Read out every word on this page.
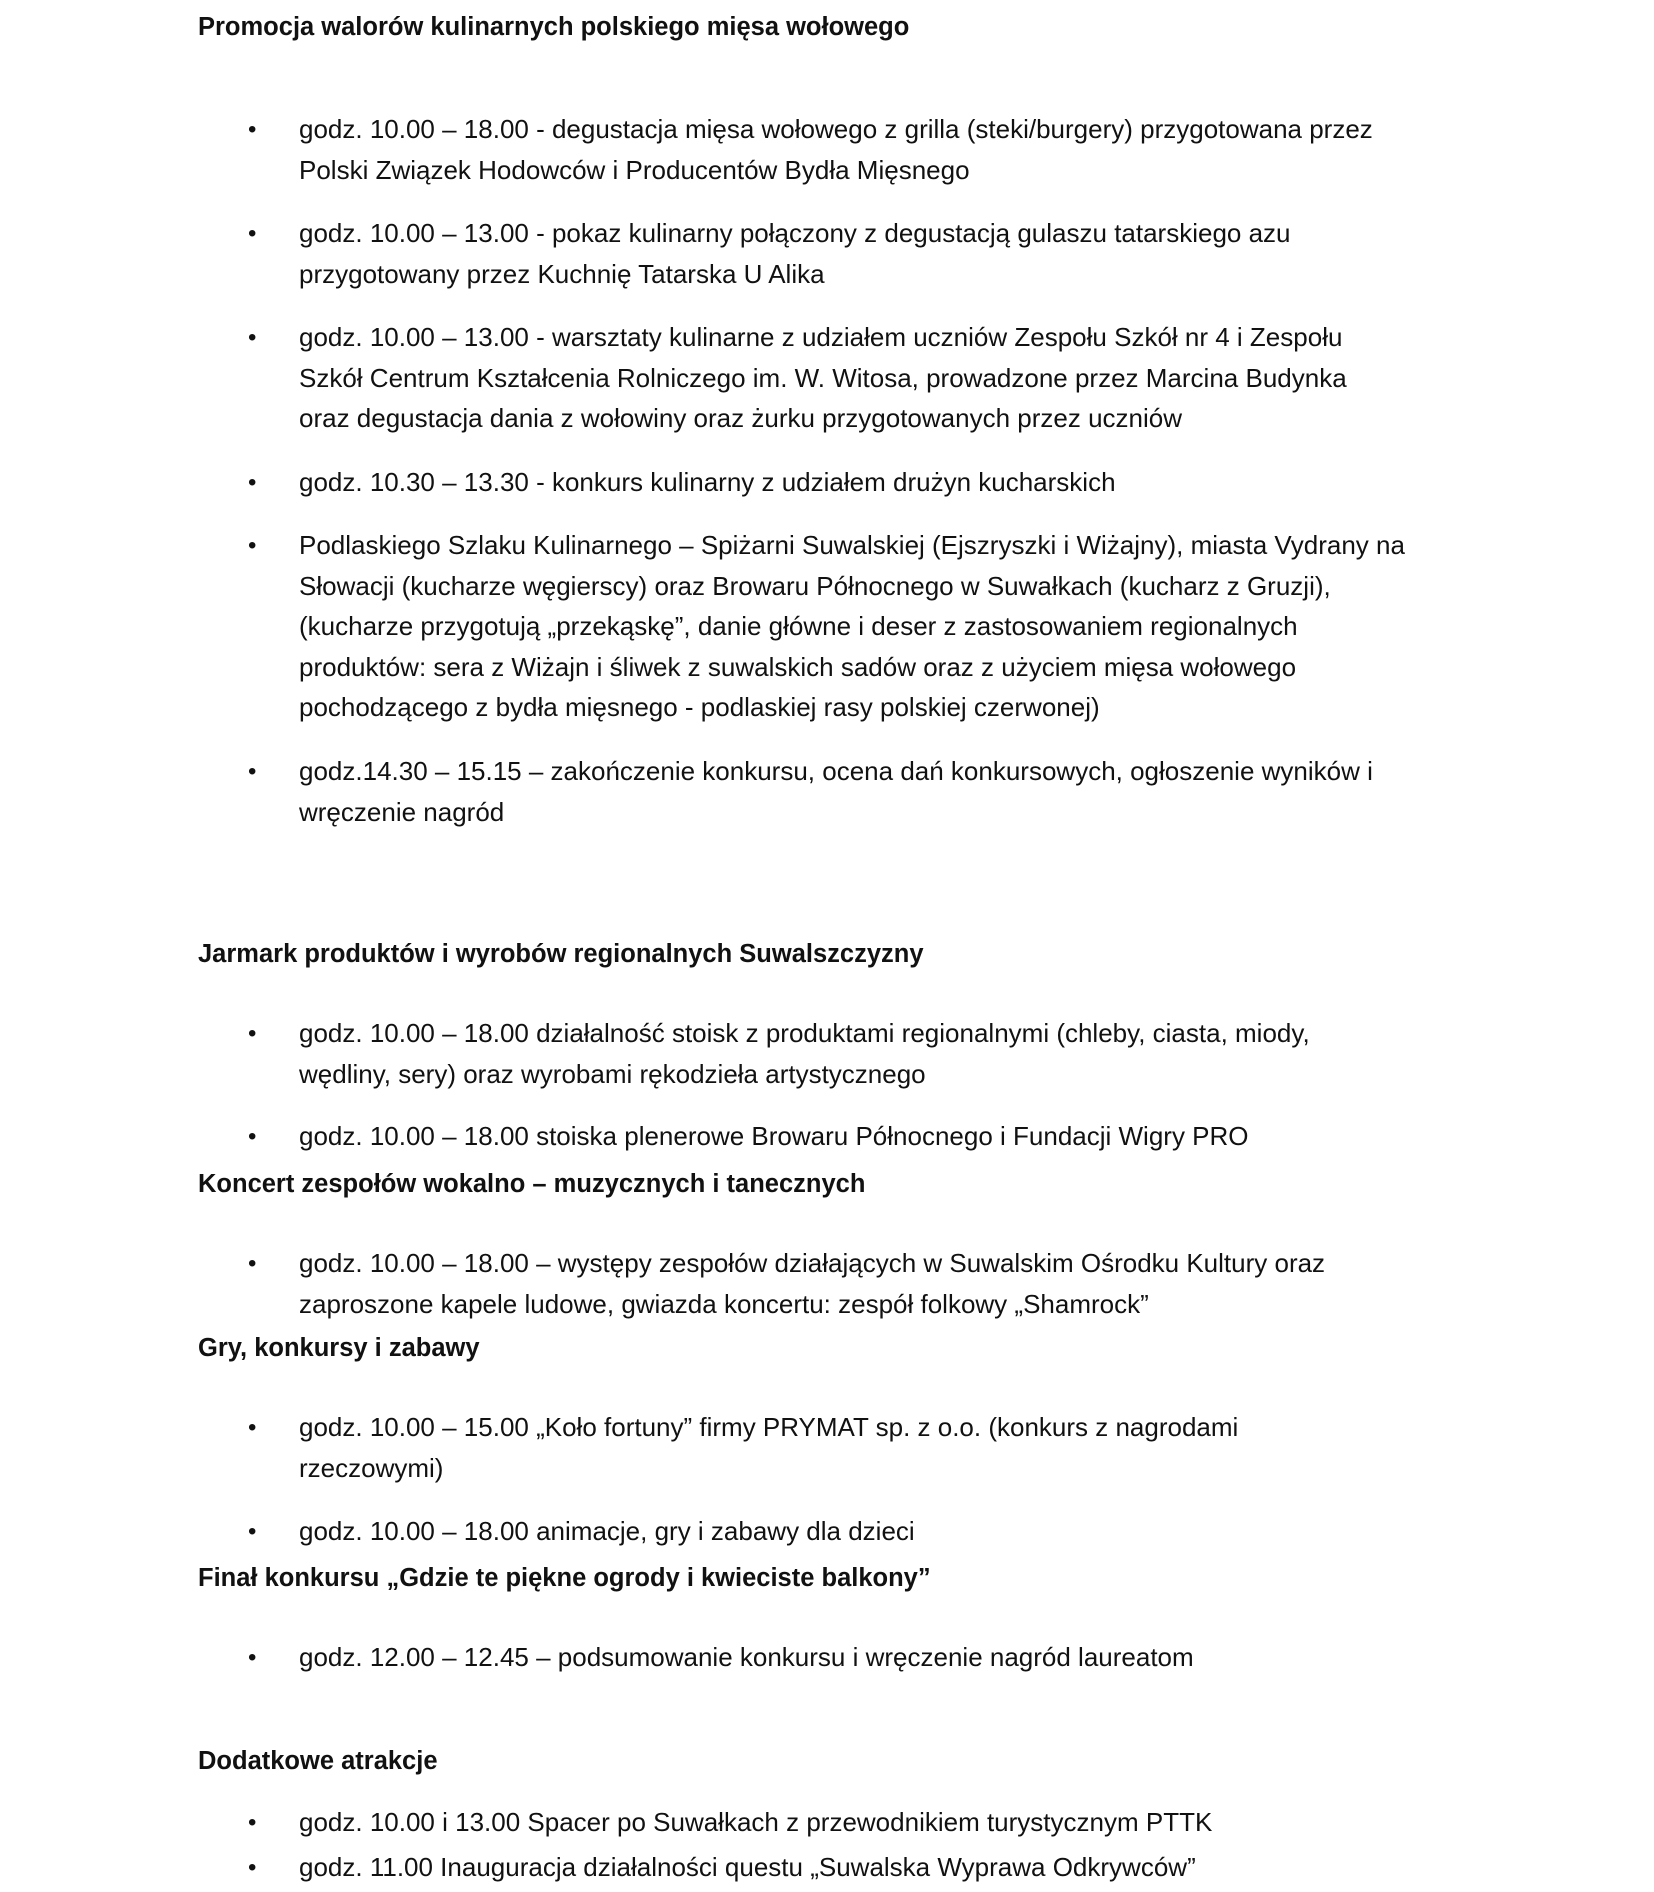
Promocja walorów kulinarnych polskiego mięsa wołowego
• godz. 10.00 – 18.00 - degustacja mięsa wołowego z grilla (steki/burgery) przygotowana przez
Polski Związek Hodowców i Producentów Bydła Mięsnego
• godz. 10.00 – 13.00 - pokaz kulinarny połączony z degustacją gulaszu tatarskiego azu
przygotowany przez Kuchnię Tatarska U Alika
• godz. 10.00 – 13.00 - warsztaty kulinarne z udziałem uczniów Zespołu Szkół nr 4 i Zespołu
Szkół Centrum Kształcenia Rolniczego im. W. Witosa, prowadzone przez Marcina Budynka
oraz degustacja dania z wołowiny oraz żurku przygotowanych przez uczniów
• godz. 10.30 – 13.30 - konkurs kulinarny z udziałem drużyn kucharskich
• Podlaskiego Szlaku Kulinarnego – Spiżarni Suwalskiej (Ejszryszki i Wiżajny), miasta Vydrany na
Słowacji (kucharze węgierscy) oraz Browaru Północnego w Suwałkach (kucharz z Gruzji),
(kucharze przygotują „przekąskę”, danie główne i deser z zastosowaniem regionalnych
produktów: sera z Wiżajn i śliwek z suwalskich sadów oraz z użyciem mięsa wołowego
pochodzącego z bydła mięsnego - podlaskiej rasy polskiej czerwonej)
• godz.14.30 – 15.15 – zakończenie konkursu, ocena dań konkursowych, ogłoszenie wyników i
wręczenie nagród
Jarmark produktów i wyrobów regionalnych Suwalszczyzny
• godz. 10.00 – 18.00 działalność stoisk z produktami regionalnymi (chleby, ciasta, miody,
wędliny, sery) oraz wyrobami rękodzieła artystycznego
• godz. 10.00 – 18.00 stoiska plenerowe Browaru Północnego i Fundacji Wigry PRO
Koncert zespołów wokalno – muzycznych i tanecznych
• godz. 10.00 – 18.00 – występy zespołów działających w Suwalskim Ośrodku Kultury oraz
zaproszone kapele ludowe, gwiazda koncertu: zespół folkowy „Shamrock”
Gry, konkursy i zabawy
• godz. 10.00 – 15.00 „Koło fortuny” firmy PRYMAT sp. z o.o. (konkurs z nagrodami
rzeczowymi)
• godz. 10.00 – 18.00 animacje, gry i zabawy dla dzieci
Finał konkursu „Gdzie te piękne ogrody i kwieciste balkony”
• godz. 12.00 – 12.45 – podsumowanie konkursu i wręczenie nagród laureatom
Dodatkowe atrakcje
• godz. 10.00 i 13.00 Spacer po Suwałkach z przewodnikiem turystycznym PTTK
• godz. 11.00 Inauguracja działalności questu „Suwalska Wyprawa Odkrywców”
